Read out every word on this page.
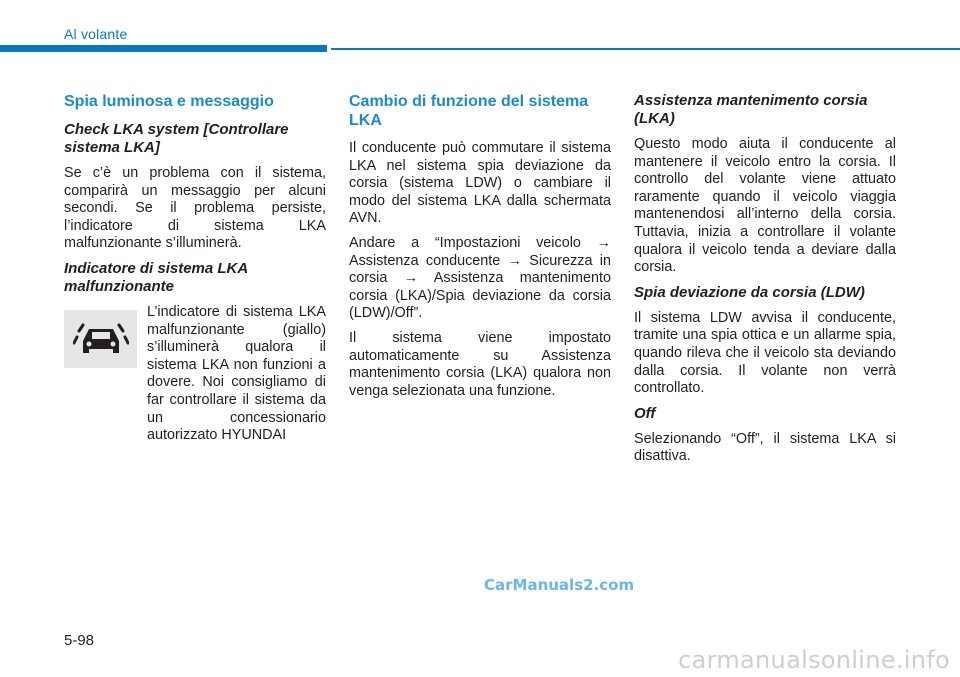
Al volante
Spia luminosa e messaggio
Check LKA system [Controllare sistema LKA]

Se c’è un problema con il sistema, comparirà un messaggio per alcuni secondi. Se il problema persiste, l’indicatore di sistema LKA malfunzionante s’illuminerà.

Indicatore di sistema LKA malfunzionante

L’indicatore di sistema LKA malfunzionante (giallo) s’illuminerà qualora il sistema LKA non funzioni a dovere. Noi consigliamo di far controllare il sistema da un concessionario autorizzato HYUNDAI

Cambio di funzione del sistema LKA

Il conducente può commutare il sistema LKA nel sistema spia deviazione da corsia (sistema LDW) o cambiare il modo del sistema LKA dalla schermata AVN.

Andare a “Impostazioni veicolo → Assistenza conducente → Sicurezza in corsia → Assistenza mantenimento corsia (LKA)/Spia deviazione da corsia (LDW)/Off”.

Il sistema viene impostato automaticamente su Assistenza mantenimento corsia (LKA) qualora non venga selezionata una funzione.

Assistenza mantenimento corsia (LKA)

Questo modo aiuta il conducente al mantenere il veicolo entro la corsia. Il controllo del volante viene attuato raramente quando il veicolo viaggia mantenendosi all’interno della corsia. Tuttavia, inizia a controllare il volante qualora il veicolo tenda a deviare dalla corsia.

Spia deviazione da corsia (LDW)

Il sistema LDW avvisa il conducente, tramite una spia ottica e un allarme spia, quando rileva che il veicolo sta deviando dalla corsia. Il volante non verrà controllato.

Off

Selezionando “Off”, il sistema LKA si disattiva.

CarManuals2.com
5-98
carmanualsonline.info
